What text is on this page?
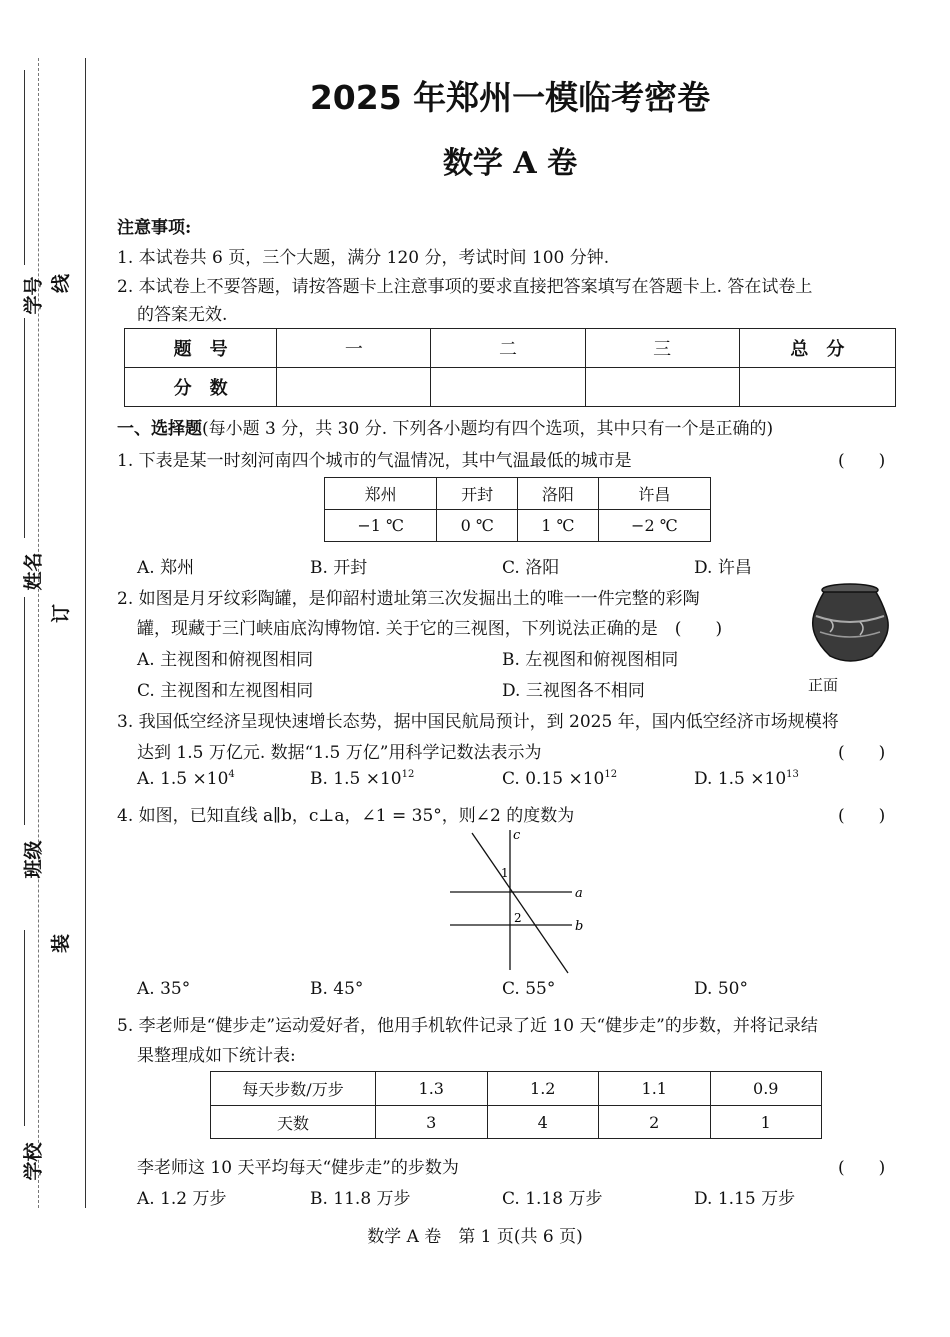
学号
姓名
班级
学校
线
订
装
2025 年郑州一模临考密卷
数学 A 卷
注意事项:
1. 本试卷共 6 页，三个大题，满分 120 分，考试时间 100 分钟.
2. 本试卷上不要答题，请按答题卡上注意事项的要求直接把答案填写在答题卡上. 答在试卷上
的答案无效.
题　号	一	二	三	总　分
分　数				
一、选择题(每小题 3 分，共 30 分. 下列各小题均有四个选项，其中只有一个是正确的)
1. 下表是某一时刻河南四个城市的气温情况，其中气温最低的城市是	(　　)
郑州	开封	洛阳	许昌
−1 ℃	0 ℃	1 ℃	−2 ℃
A. 郑州	B. 开封	C. 洛阳	D. 许昌
2. 如图是月牙纹彩陶罐，是仰韶村遗址第三次发掘出土的唯一一件完整的彩陶
罐，现藏于三门峡庙底沟博物馆. 关于它的三视图，下列说法正确的是　(　　)
A. 主视图和俯视图相同	B. 左视图和俯视图相同
C. 主视图和左视图相同	D. 三视图各不相同	正面
3. 我国低空经济呈现快速增长态势，据中国民航局预计，到 2025 年，国内低空经济市场规模将
达到 1.5 万亿元. 数据“1.5 万亿”用科学记数法表示为	(　　)
A. $1.5 \times 10^4$	B. $1.5 \times 10^{12}$	C. $0.15 \times 10^{12}$	D. $1.5 \times 10^{13}$
4. 如图，已知直线 a∥b，c⊥a，∠1 = 35°，则∠2 的度数为	(　　)
c
a
b
1
2
A. 35°	B. 45°	C. 55°	D. 50°
5. 李老师是“健步走”运动爱好者，他用手机软件记录了近 10 天“健步走”的步数，并将记录结
果整理成如下统计表:
每天步数/万步	1.3	1.2	1.1	0.9
天数	3	4	2	1
李老师这 10 天平均每天“健步走”的步数为	(　　)
A. 1.2 万步	B. 11.8 万步	C. 1.18 万步	D. 1.15 万步
数学 A 卷　第 1 页(共 6 页)
